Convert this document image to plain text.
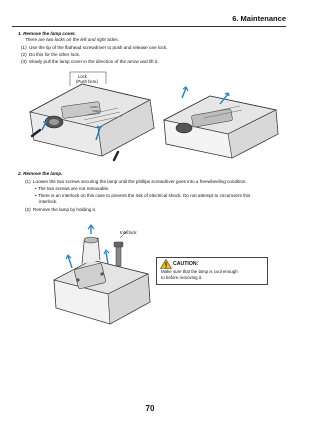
6. Maintenance
1. Remove the lamp cover.
There are two locks on the left and right sides.
(1) Use the tip of the flathead screwdriver to push and release one lock.
(2) Do this for the other lock.
(3) Slowly pull the lamp cover in the direction of the arrow and lift it.
Lock
(Push here)
AUDIO
VIDEO
2. Remove the lamp.
(1) Loosen the two screws securing the lamp until the phillips screwdriver goes into a freewheeling condition.
• The two screws are not removable.
• There is an interlock on this case to prevent the risk of electrical shock. Do not attempt to circumvent this
interlock.
(2) Remove the lamp by holding it.
Interlock
CAUTION:
Make sure that the lamp is cool enough
to before removing it.
70
